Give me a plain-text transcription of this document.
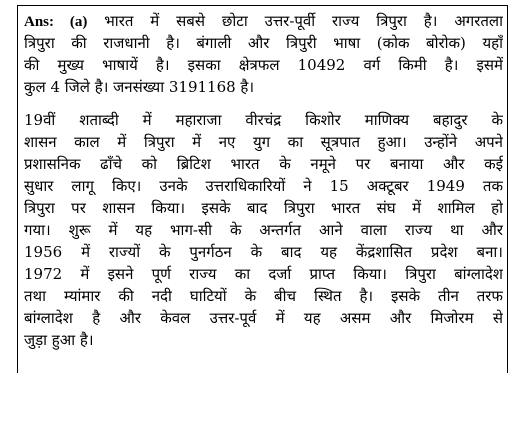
Ans: (a) भारत में सबसे छोटा उत्तर-पूर्वी राज्य त्रिपुरा है। अगरतला
त्रिपुरा की राजधानी है। बंगाली और त्रिपुरी भाषा (कोक बोरोक) यहाँ
की मुख्य भाषायें है। इसका क्षेत्रफल 10492 वर्ग किमी है। इसमें
कुल 4 जिले है। जनसंख्या 3191168 है।
19वीं शताब्दी में महाराजा वीरचंद्र किशोर माणिक्य बहादुर के
शासन काल में त्रिपुरा में नए युग का सूत्रपात हुआ। उन्होंने अपने
प्रशासनिक ढाँचे को ब्रिटिश भारत के नमूने पर बनाया और कई
सुधार लागू किए। उनके उत्तराधिकारियों ने 15 अक्टूबर 1949 तक
त्रिपुरा पर शासन किया। इसके बाद त्रिपुरा भारत संघ में शामिल हो
गया। शुरू में यह भाग-सी के अन्तर्गत आने वाला राज्य था और
1956 में राज्यों के पुनर्गठन के बाद यह केंद्रशासित प्रदेश बना।
1972 में इसने पूर्ण राज्य का दर्जा प्राप्त किया। त्रिपुरा बांग्लादेश
तथा म्यांमार की नदी घाटियों के बीच स्थित है। इसके तीन तरफ
बांग्लादेश है और केवल उत्तर-पूर्व में यह असम और मिजोरम से
जुड़ा हुआ है।
